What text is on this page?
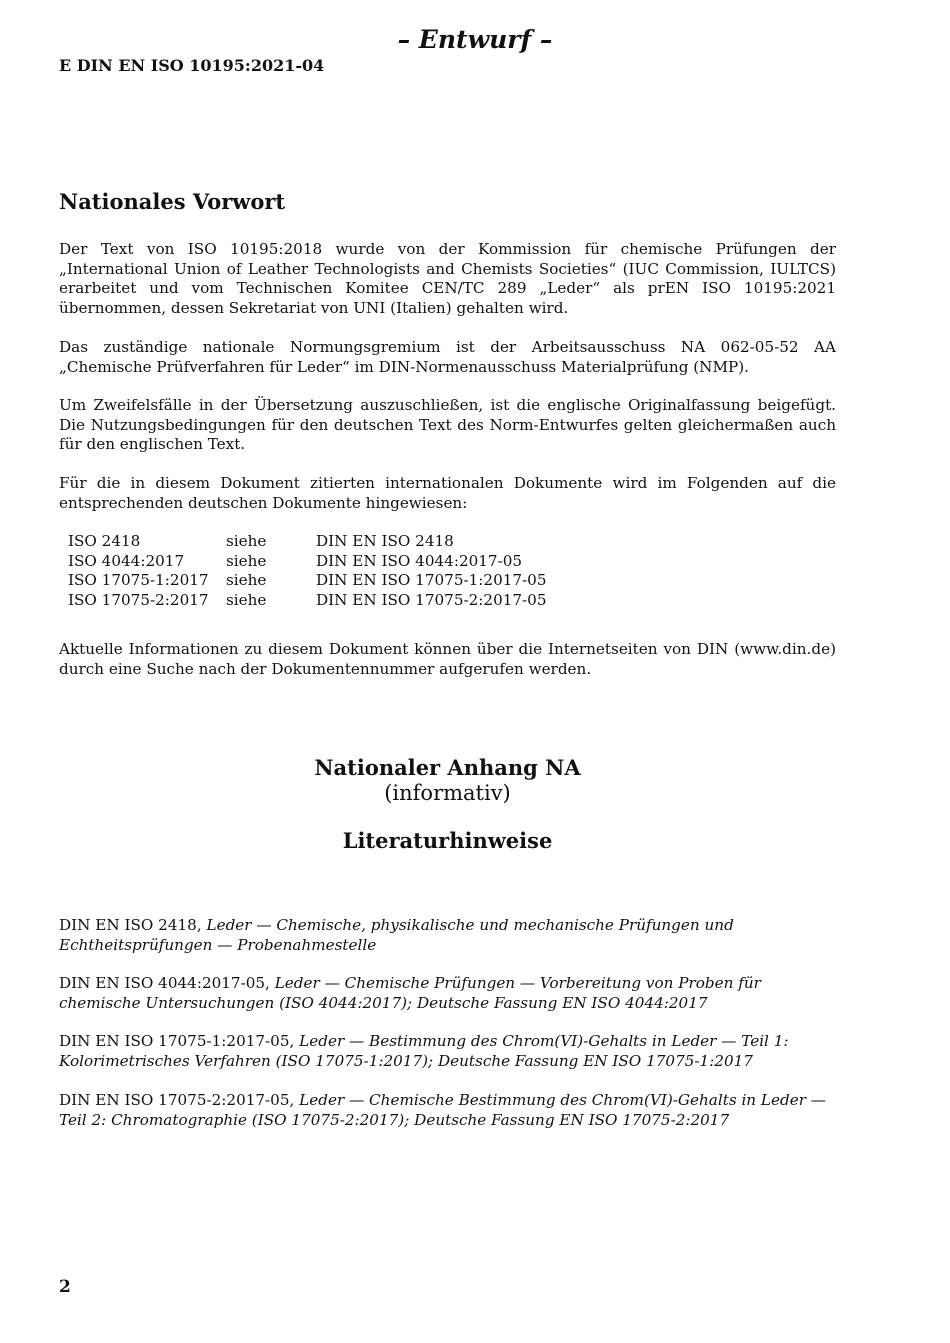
– Entwurf –
E DIN EN ISO 10195:2021-04
Nationales Vorwort

Der Text von ISO 10195:2018 wurde von der Kommission für chemische Prüfungen der „International Union of Leather Technologists and Chemists Societies“ (IUC Commission, IULTCS) erarbeitet und vom Technischen Komitee CEN/TC 289 „Leder“ als prEN ISO 10195:2021 übernommen, dessen Sekretariat von UNI (Italien) gehalten wird.

Das zuständige nationale Normungsgremium ist der Arbeitsausschuss NA 062-05-52 AA „Chemische Prüfverfahren für Leder“ im DIN-Normenausschuss Materialprüfung (NMP).

Um Zweifelsfälle in der Übersetzung auszuschließen, ist die englische Originalfassung beigefügt. Die Nutzungsbedingungen für den deutschen Text des Norm-Entwurfes gelten gleichermaßen auch für den englischen Text.

Für die in diesem Dokument zitierten internationalen Dokumente wird im Folgenden auf die entsprechenden deutschen Dokumente hingewiesen:

ISO 2418	siehe	DIN EN ISO 2418
ISO 4044:2017	siehe	DIN EN ISO 4044:2017-05
ISO 17075-1:2017	siehe	DIN EN ISO 17075-1:2017-05
ISO 17075-2:2017	siehe	DIN EN ISO 17075-2:2017-05

Aktuelle Informationen zu diesem Dokument können über die Internetseiten von DIN (www.din.de) durch eine Suche nach der Dokumentennummer aufgerufen werden.

Nationaler Anhang NA
(informativ)
Literaturhinweise

DIN EN ISO 2418, Leder — Chemische, physikalische und mechanische Prüfungen und Echtheitsprüfungen — Probenahmestelle

DIN EN ISO 4044:2017-05, Leder — Chemische Prüfungen — Vorbereitung von Proben für chemische Untersuchungen (ISO 4044:2017); Deutsche Fassung EN ISO 4044:2017

DIN EN ISO 17075-1:2017-05, Leder — Bestimmung des Chrom(VI)-Gehalts in Leder — Teil 1: Kolorimetrisches Verfahren (ISO 17075-1:2017); Deutsche Fassung EN ISO 17075-1:2017

DIN EN ISO 17075-2:2017-05, Leder — Chemische Bestimmung des Chrom(VI)-Gehalts in Leder — Teil 2: Chromatographie (ISO 17075-2:2017); Deutsche Fassung EN ISO 17075-2:2017

2
